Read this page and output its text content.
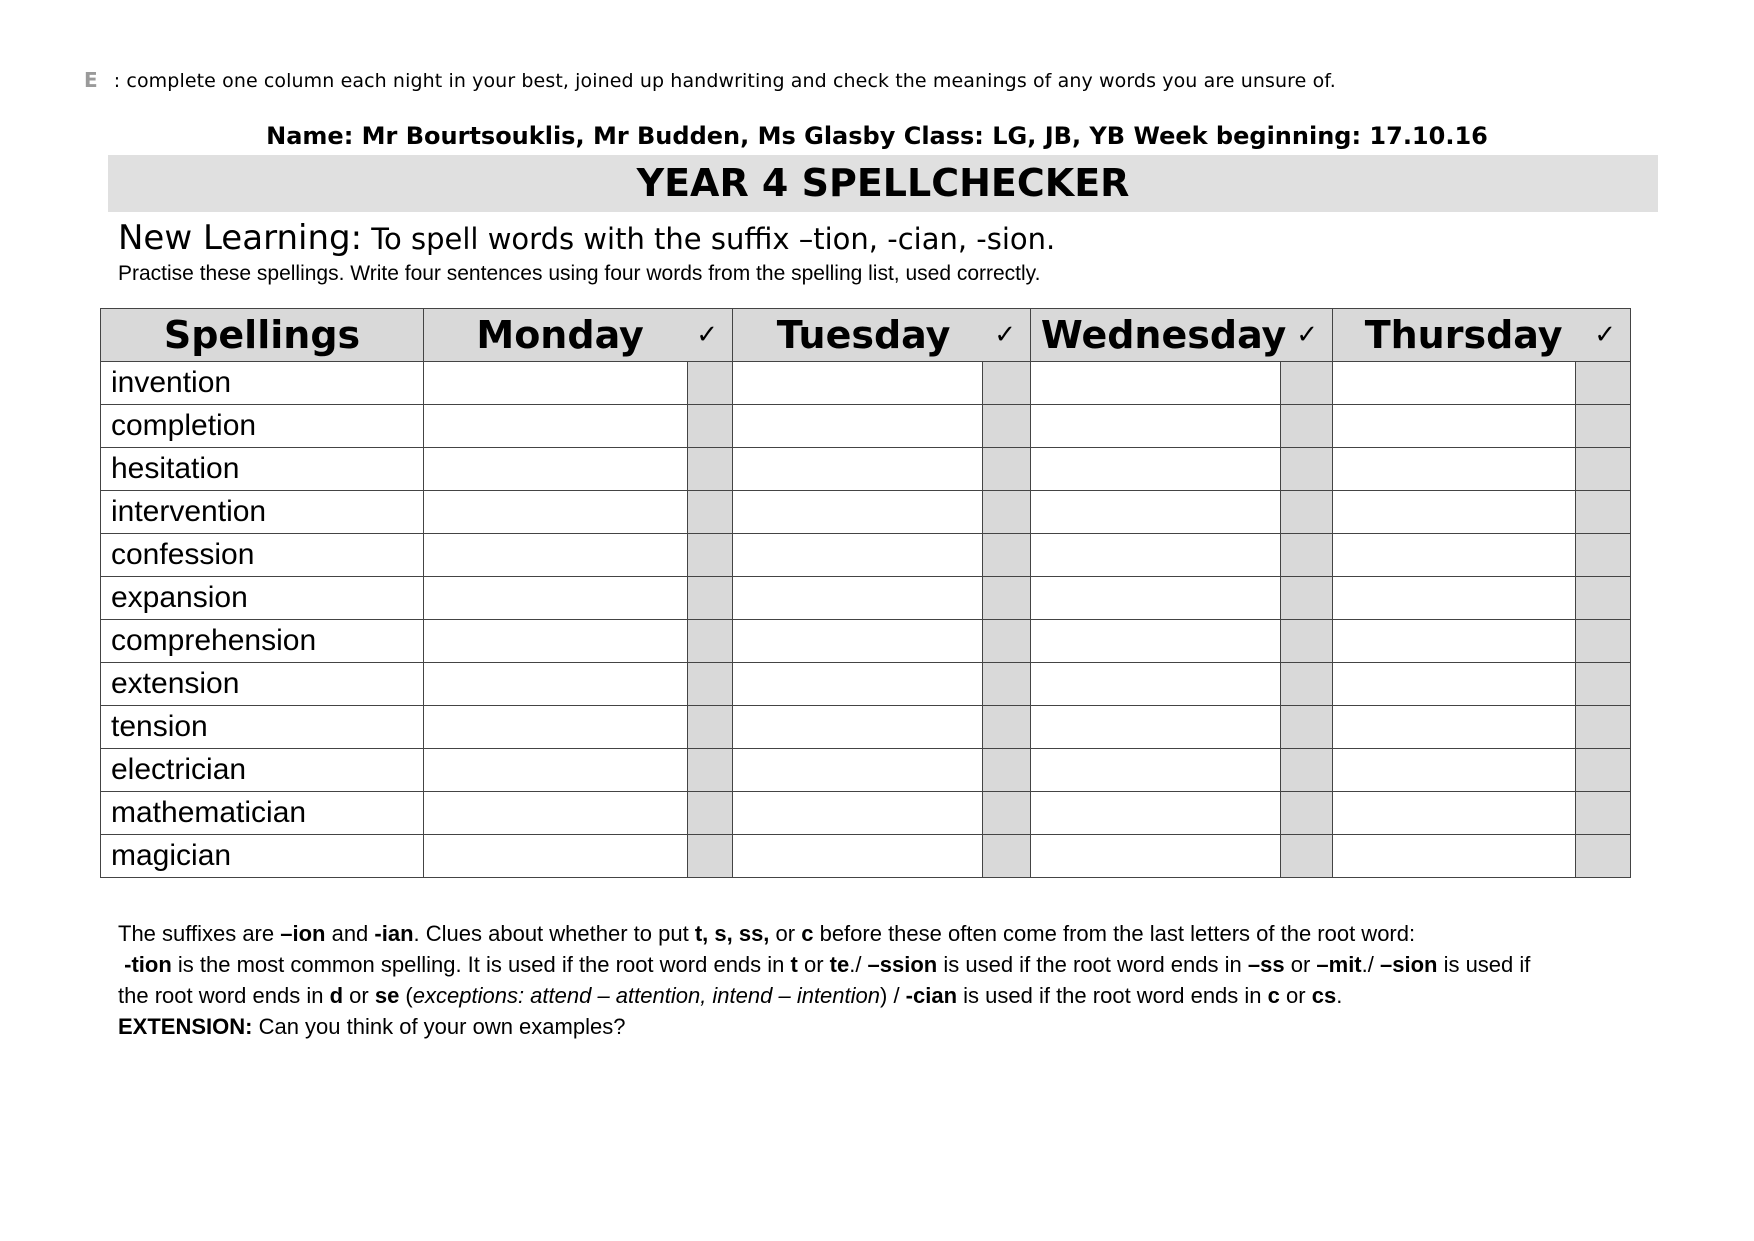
E : complete one column each night in your best, joined up handwriting and check the meanings of any words you are unsure of.
Name: Mr Bourtsouklis, Mr Budden, Ms Glasby Class: LG, JB, YB Week beginning: 17.10.16
YEAR 4 SPELLCHECKER
New Learning: To spell words with the suffix –tion, -cian, -sion.
Practise these spellings. Write four sentences using four words from the spelling list, used correctly.
Spellings	Monday ✓		Tuesday ✓		Wednesday ✓		Thursday ✓	

invention								
completion								
hesitation								
intervention								
confession								
expansion								
comprehension								
extension								
tension								
electrician								
mathematician								
magician								

The suffixes are –ion and -ian. Clues about whether to put t, s, ss, or c before these often come from the last letters of the root word:

-tion is the most common spelling. It is used if the root word ends in t or te./ –ssion is used if the root word ends in –ss or –mit./ –sion is used if

the root word ends in d or se (exceptions: attend – attention, intend – intention) / -cian is used if the root word ends in c or cs.

EXTENSION: Can you think of your own examples?
